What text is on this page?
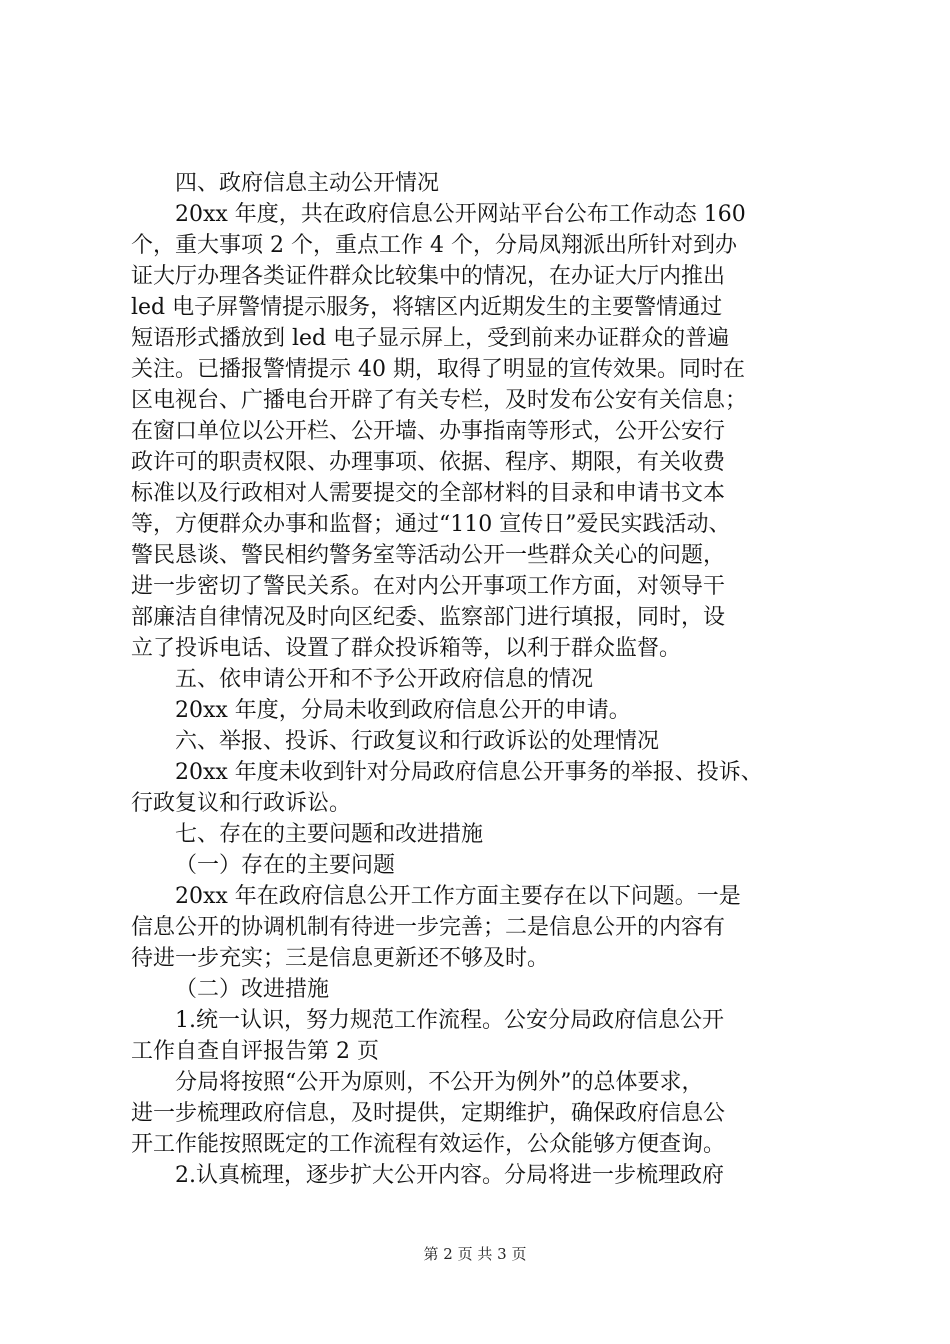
四、政府信息主动公开情况
20xx 年度，共在政府信息公开网站平台公布工作动态 160
个，重大事项 2 个，重点工作 4 个，分局凤翔派出所针对到办
证大厅办理各类证件群众比较集中的情况，在办证大厅内推出
led 电子屏警情提示服务，将辖区内近期发生的主要警情通过
短语形式播放到 led 电子显示屏上，受到前来办证群众的普遍
关注。已播报警情提示 40 期，取得了明显的宣传效果。同时在
区电视台、广播电台开辟了有关专栏，及时发布公安有关信息；
在窗口单位以公开栏、公开墙、办事指南等形式，公开公安行
政许可的职责权限、办理事项、依据、程序、期限，有关收费
标准以及行政相对人需要提交的全部材料的目录和申请书文本
等，方便群众办事和监督；通过“110 宣传日”爱民实践活动、
警民恳谈、警民相约警务室等活动公开一些群众关心的问题，
进一步密切了警民关系。在对内公开事项工作方面，对领导干
部廉洁自律情况及时向区纪委、监察部门进行填报，同时，设
立了投诉电话、设置了群众投诉箱等，以利于群众监督。
五、依申请公开和不予公开政府信息的情况
20xx 年度，分局未收到政府信息公开的申请。
六、举报、投诉、行政复议和行政诉讼的处理情况
20xx 年度未收到针对分局政府信息公开事务的举报、投诉、
行政复议和行政诉讼。
七、存在的主要问题和改进措施
（一）存在的主要问题
20xx 年在政府信息公开工作方面主要存在以下问题。一是
信息公开的协调机制有待进一步完善；二是信息公开的内容有
待进一步充实；三是信息更新还不够及时。
（二）改进措施
1.统一认识，努力规范工作流程。公安分局政府信息公开
工作自查自评报告第 2 页
分局将按照“公开为原则，不公开为例外”的总体要求，
进一步梳理政府信息，及时提供，定期维护，确保政府信息公
开工作能按照既定的工作流程有效运作，公众能够方便查询。
2.认真梳理，逐步扩大公开内容。分局将进一步梳理政府
第 2 页 共 3 页
